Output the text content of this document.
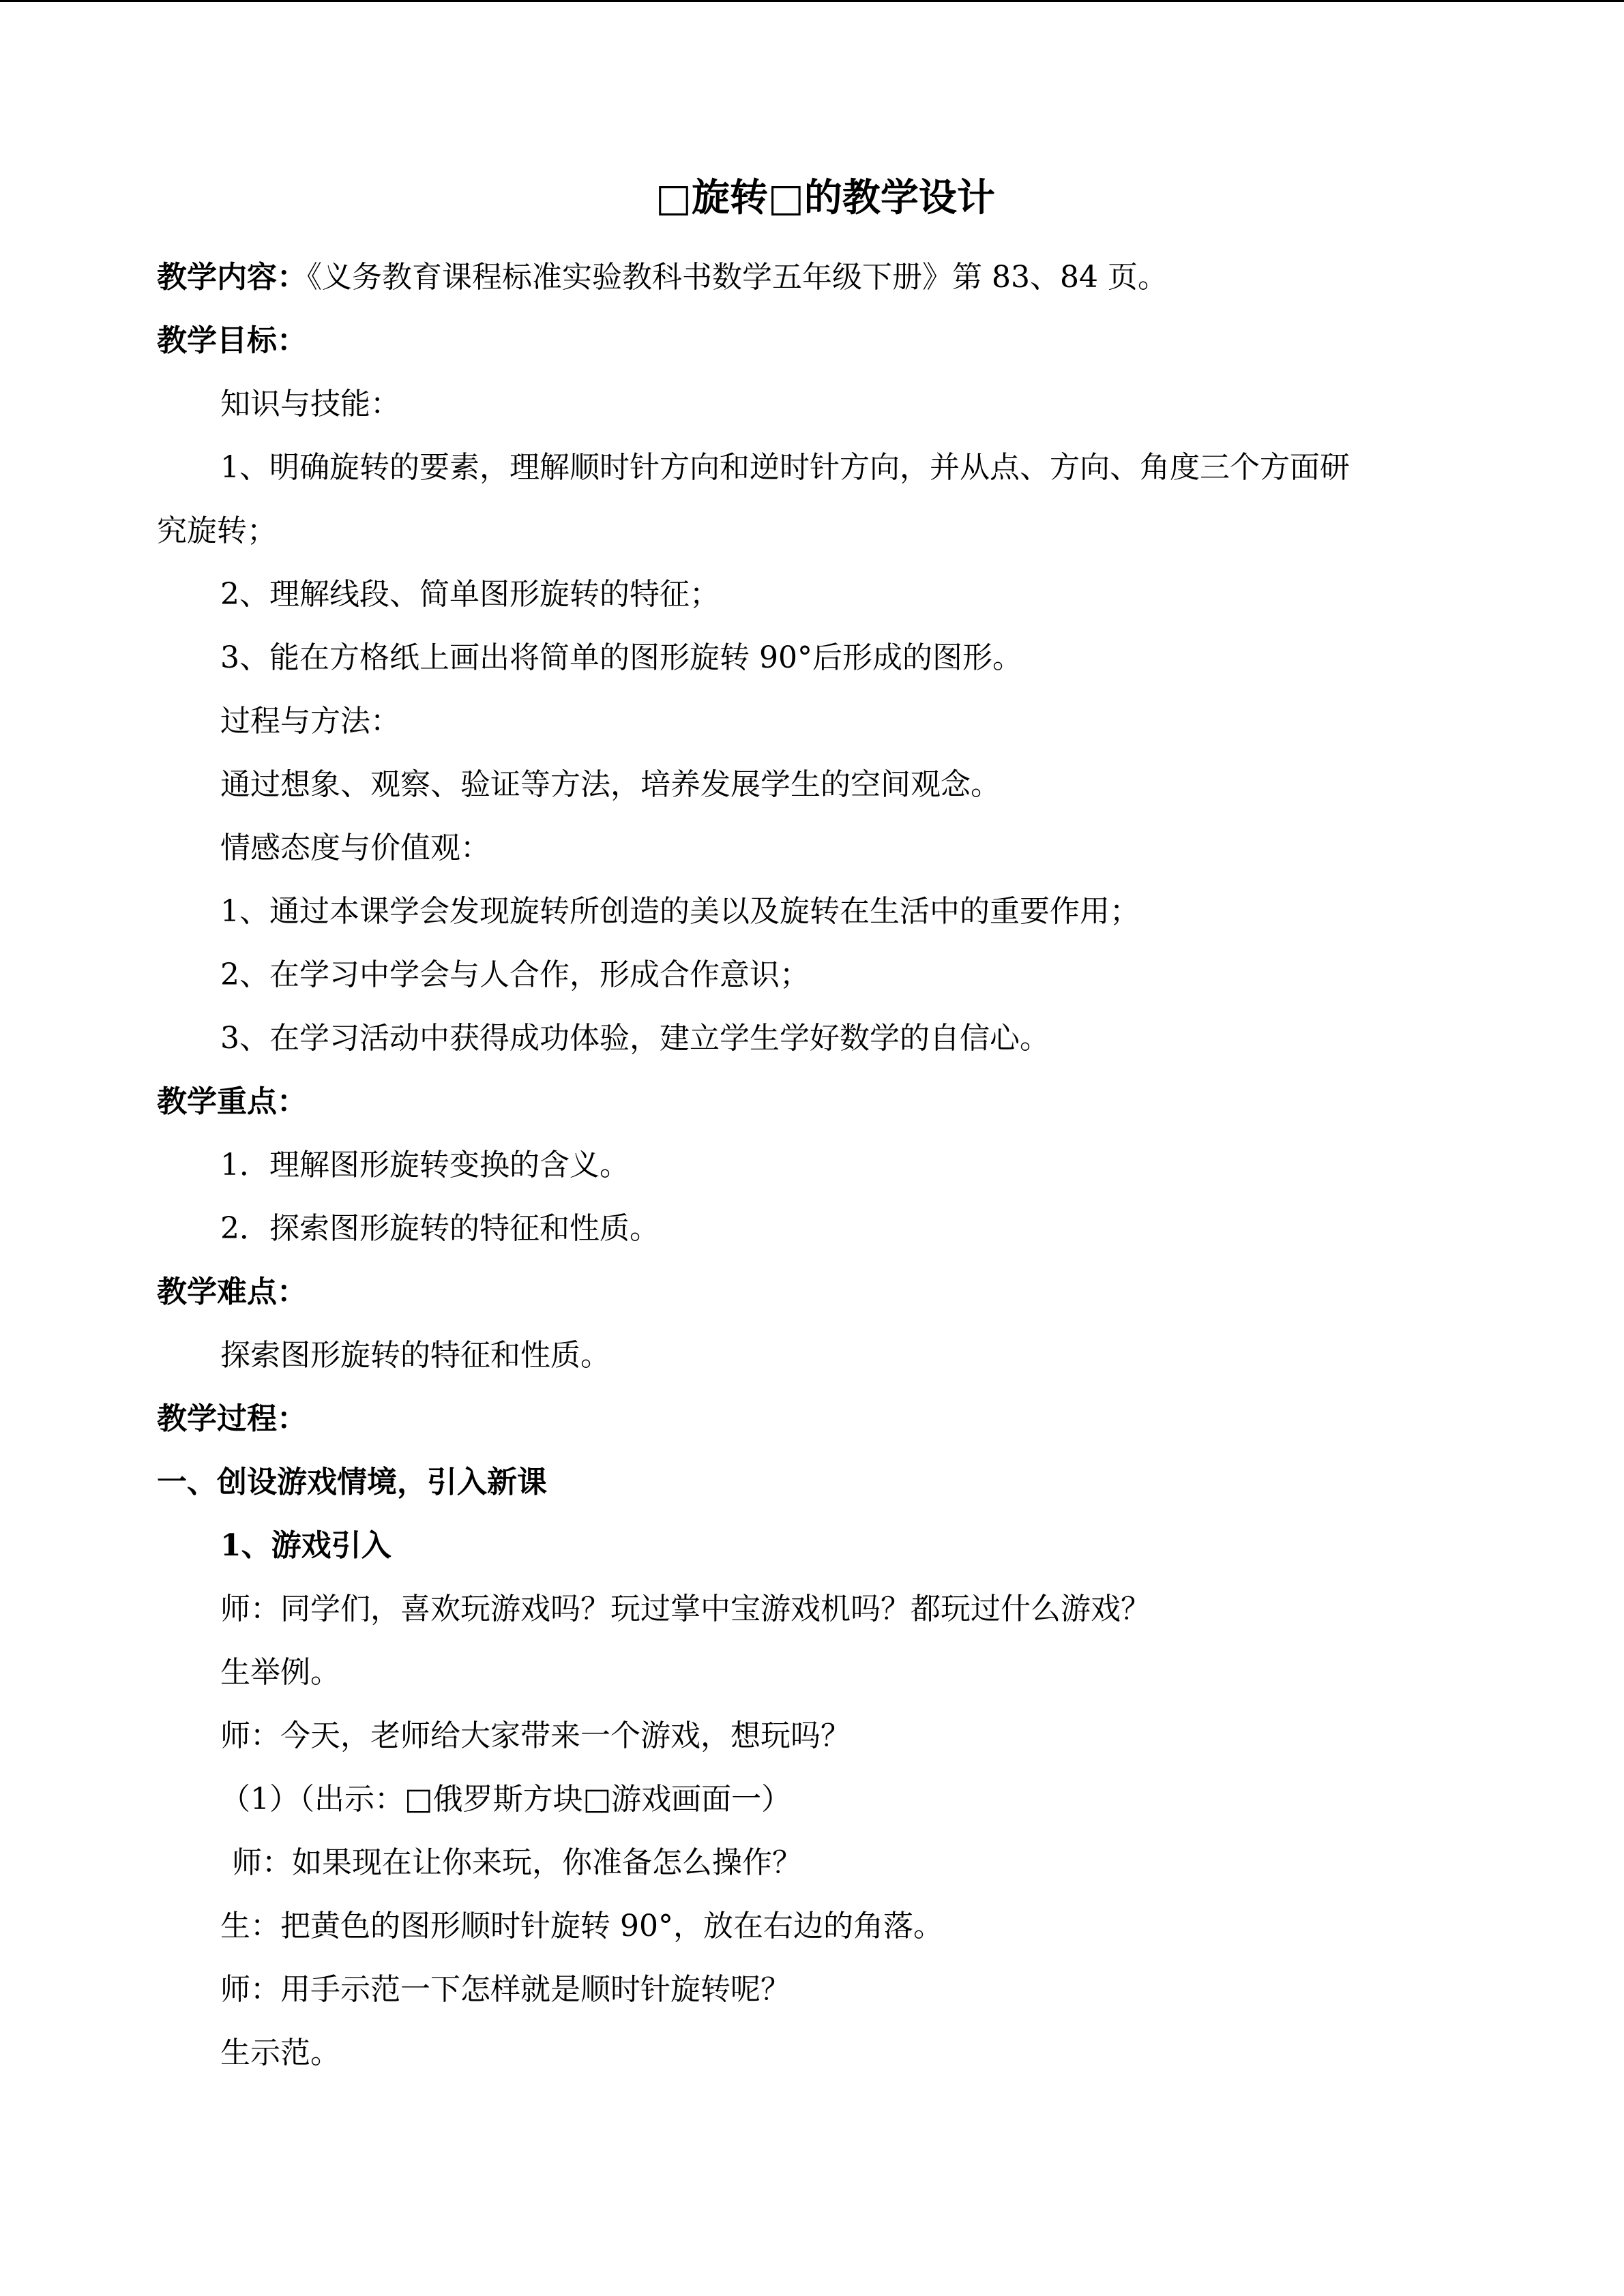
□旋转□的教学设计
教学内容：《义务教育课程标准实验教科书数学五年级下册》第 83、84 页。
教学目标：
知识与技能：
1、明确旋转的要素，理解顺时针方向和逆时针方向，并从点、方向、角度三个方面研
究旋转；
2、理解线段、简单图形旋转的特征；
3、能在方格纸上画出将简单的图形旋转 90°后形成的图形。
过程与方法：
通过想象、观察、验证等方法，培养发展学生的空间观念。
情感态度与价值观：
1、通过本课学会发现旋转所创造的美以及旋转在生活中的重要作用；
2、在学习中学会与人合作，形成合作意识；
3、在学习活动中获得成功体验，建立学生学好数学的自信心。
教学重点：
1．理解图形旋转变换的含义。
2．探索图形旋转的特征和性质。
教学难点：
探索图形旋转的特征和性质。
教学过程：
一、创设游戏情境，引入新课
1、游戏引入
师：同学们，喜欢玩游戏吗？玩过掌中宝游戏机吗？都玩过什么游戏？
生举例。
师：今天，老师给大家带来一个游戏，想玩吗？
（1）（出示：□俄罗斯方块□游戏画面一）
师：如果现在让你来玩，你准备怎么操作？
生：把黄色的图形顺时针旋转 90°，放在右边的角落。
师：用手示范一下怎样就是顺时针旋转呢？
生示范。
